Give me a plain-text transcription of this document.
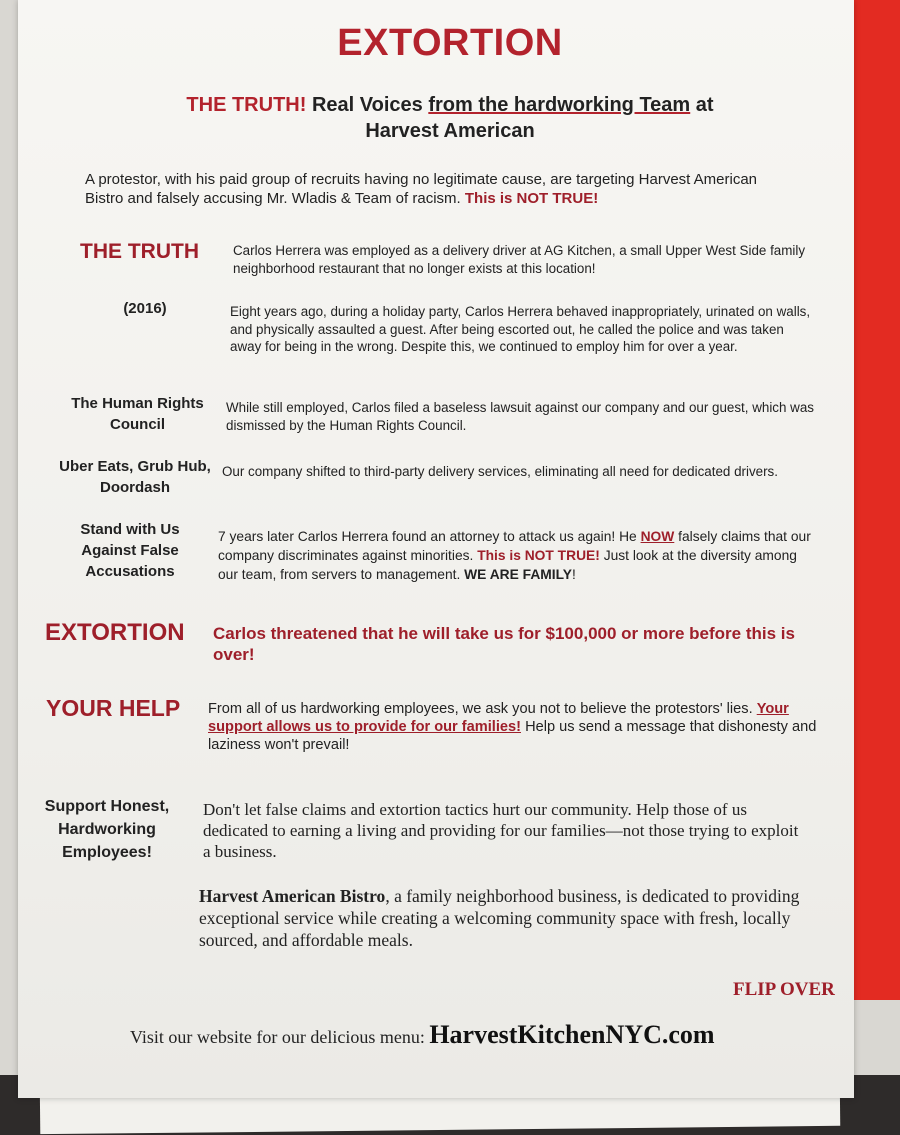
EXTORTION
THE TRUTH! Real Voices from the hardworking Team at
Harvest American
A protestor, with his paid group of recruits having no legitimate cause, are targeting Harvest American Bistro and falsely accusing Mr. Wladis & Team of racism. This is NOT TRUE!
THE TRUTH	Carlos Herrera was employed as a delivery driver at AG Kitchen, a small Upper West Side family neighborhood restaurant that no longer exists at this location!
(2016)	Eight years ago, during a holiday party, Carlos Herrera behaved inappropriately, urinated on walls, and physically assaulted a guest. After being escorted out, he called the police and was taken away for being in the wrong. Despite this, we continued to employ him for over a year.
The Human Rights
Council
While still employed, Carlos filed a baseless lawsuit against our company and our guest, which was dismissed by the Human Rights Council.
Uber Eats, Grub Hub,
Doordash
Our company shifted to third-party delivery services, eliminating all need for dedicated drivers.
Stand with Us
Against False
Accusations
7 years later Carlos Herrera found an attorney to attack us again! He NOW falsely claims that our company discriminates against minorities. This is NOT TRUE! Just look at the diversity among our team, from servers to management. WE ARE FAMILY!
EXTORTION Carlos threatened that he will take us for $100,000 or more before this is over!
YOUR HELP From all of us hardworking employees, we ask you not to believe the protestors' lies. Your support allows us to provide for our families! Help us send a message that dishonesty and laziness won't prevail!
Support Honest,
Hardworking
Employees!
Don't let false claims and extortion tactics hurt our community. Help those of us dedicated to earning a living and providing for our families—not those trying to exploit a business.
Harvest American Bistro, a family neighborhood business, is dedicated to providing exceptional service while creating a welcoming community space with fresh, locally sourced, and affordable meals.
FLIP OVER
Visit our website for our delicious menu: HarvestKitchenNYC.com
